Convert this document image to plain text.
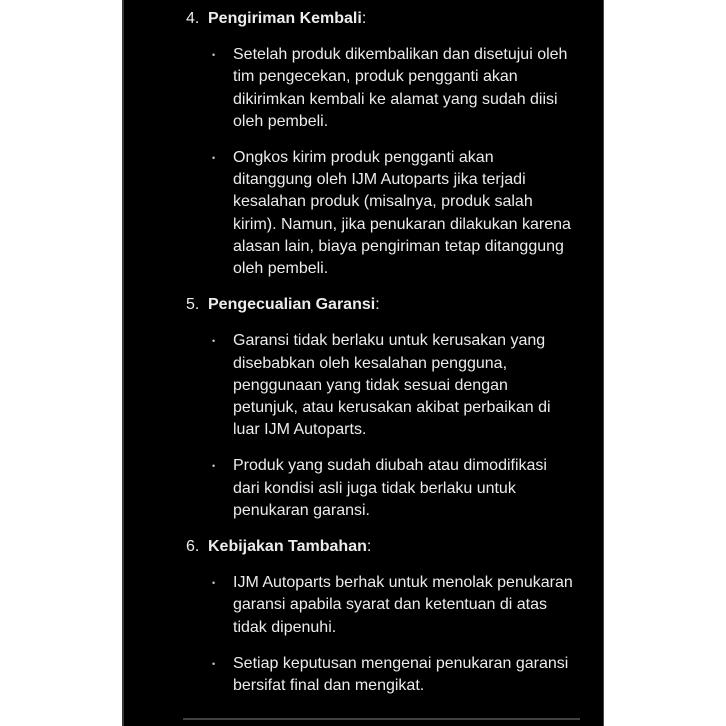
4. Pengiriman Kembali:
•	Setelah produk dikembalikan dan disetujui oleh tim pengecekan, produk pengganti akan dikirimkan kembali ke alamat yang sudah diisi oleh pembeli.

•	Ongkos kirim produk pengganti akan ditanggung oleh IJM Autoparts jika terjadi kesalahan produk (misalnya, produk salah kirim). Namun, jika penukaran dilakukan karena alasan lain, biaya pengiriman tetap ditanggung oleh pembeli.

5. Pengecualian Garansi:
•	Garansi tidak berlaku untuk kerusakan yang disebabkan oleh kesalahan pengguna, penggunaan yang tidak sesuai dengan petunjuk, atau kerusakan akibat perbaikan di luar IJM Autoparts.

•	Produk yang sudah diubah atau dimodifikasi dari kondisi asli juga tidak berlaku untuk penukaran garansi.

6. Kebijakan Tambahan:
•	IJM Autoparts berhak untuk menolak penukaran garansi apabila syarat dan ketentuan di atas tidak dipenuhi.

•	Setiap keputusan mengenai penukaran garansi bersifat final dan mengikat.
